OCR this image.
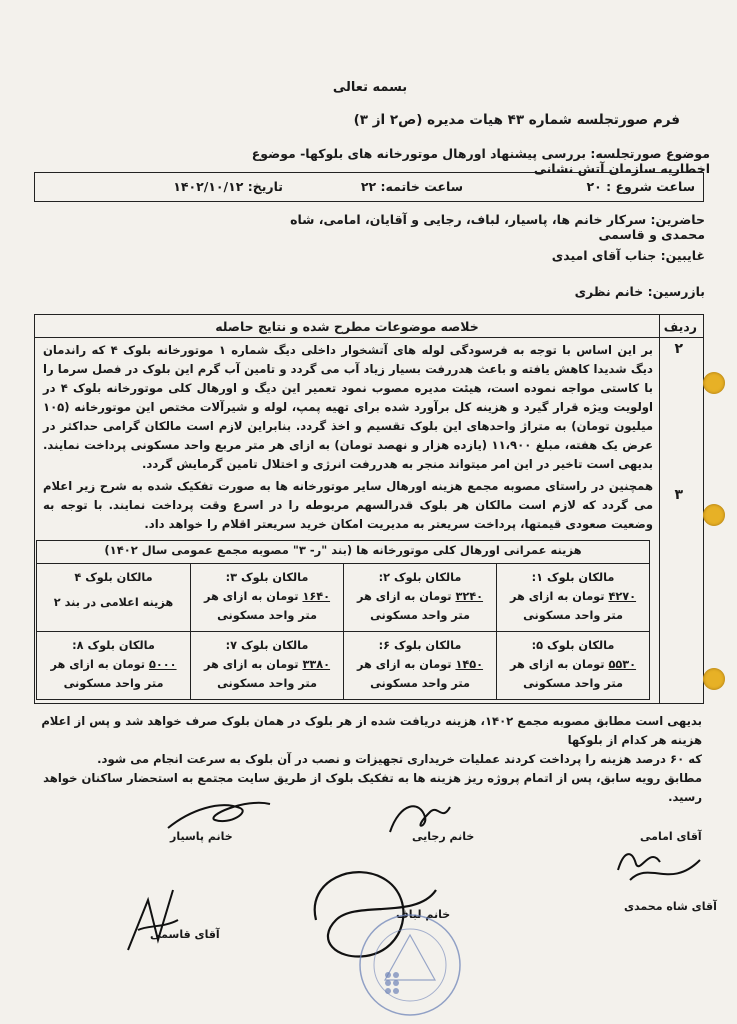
بسمه تعالی
فرم صورتجلسه شماره ۴۳ هیات مدیره (ص۲ از ۳)
موضوع صورتجلسه: بررسی پیشنهاد اورهال موتورخانه های بلوکها- موضوع اخطاریه سازمان آتش نشانی
ساعت شروع : ۲۰
ساعت خاتمه: ۲۲
تاریخ: ۱۴۰۲/۱۰/۱۲
حاضرین: سرکار خانم ها، پاسیار، لباف، رجایی و آقایان، امامی، شاه محمدی و قاسمی
غایبین: جناب آقای امیدی
بازرسین: خانم نظری
ردیف
خلاصه موضوعات مطرح شده و نتایج حاصله
۲
بر این اساس با توجه به فرسودگی لوله های آتشخوار داخلی دیگ شماره ۱ موتورخانه بلوک ۴ که راندمان دیگ شدیدا کاهش یافته و باعث هدررفت بسیار زیاد آب می گردد و تامین آب گرم این بلوک در فصل سرما را با کاستی مواجه نموده است، هیئت مدیره مصوب نمود تعمیر این دیگ و اورهال کلی موتورخانه بلوک ۴ در اولویت ویژه قرار گیرد و هزینه کل برآورد شده برای تهیه پمپ، لوله و شیرآلات مختص این موتورخانه (۱۰۵ میلیون تومان) به متراژ واحدهای این بلوک تقسیم و اخذ گردد. بنابراین لازم است مالکان گرامی حداکثر در عرض یک هفته، مبلغ ۱۱،۹۰۰ (یازده هزار و نهصد تومان) به ازای هر متر مربع واحد مسکونی پرداخت نمایند. بدیهی است تاخیر در این امر میتواند منجر به هدررفت انرژی و اختلال تامین گرمایش گردد.
۳
همچنین در راستای مصوبه مجمع هزینه اورهال سایر موتورخانه ها به صورت تفکیک شده به شرح زیر اعلام می گردد که لازم است مالکان هر بلوک قدرالسهم مربوطه را در اسرع وقت پرداخت نمایند. با توجه به وضعیت صعودی قیمتها، پرداخت سریعتر به مدیریت امکان خرید سریعتر اقلام را خواهد داد.
هزینه عمرانی اورهال کلی موتورخانه ها (بند "ر- ۳" مصوبه مجمع عمومی سال ۱۴۰۲)
مالکان بلوک ۱:
۴۲۷۰ تومان به ازای هر
متر واحد مسکونی
مالکان بلوک ۲:
۳۲۴۰ تومان به ازای هر
متر واحد مسکونی
مالکان بلوک ۳:
۱۶۴۰ تومان به ازای هر
متر واحد مسکونی
مالکان بلوک ۴
هزینه اعلامی در بند ۲
مالکان بلوک ۵:
۵۵۳۰ تومان به ازای هر
متر واحد مسکونی
مالکان بلوک ۶:
۱۴۵۰ تومان به ازای هر
متر واحد مسکونی
مالکان بلوک ۷:
۳۳۸۰ تومان به ازای هر
متر واحد مسکونی
مالکان بلوک ۸:
۵۰۰۰ تومان به ازای هر
متر واحد مسکونی
بدیهی است مطابق مصوبه مجمع ۱۴۰۲، هزینه دریافت شده از هر بلوک در همان بلوک صرف خواهد شد و پس از اعلام هزینه هر کدام از بلوکها
که ۶۰ درصد هزینه را پرداخت کردند عملیات خریداری تجهیزات و نصب در آن بلوک به سرعت انجام می شود.
مطابق رویه سابق، پس از اتمام پروژه ریز هزینه ها به تفکیک بلوک از طریق سایت مجتمع به استحضار ساکنان خواهد رسید.
خانم پاسیار	خانم رجایی	آقای امامی
آقای قاسمی
خانم لباف
آقای شاه محمدی
